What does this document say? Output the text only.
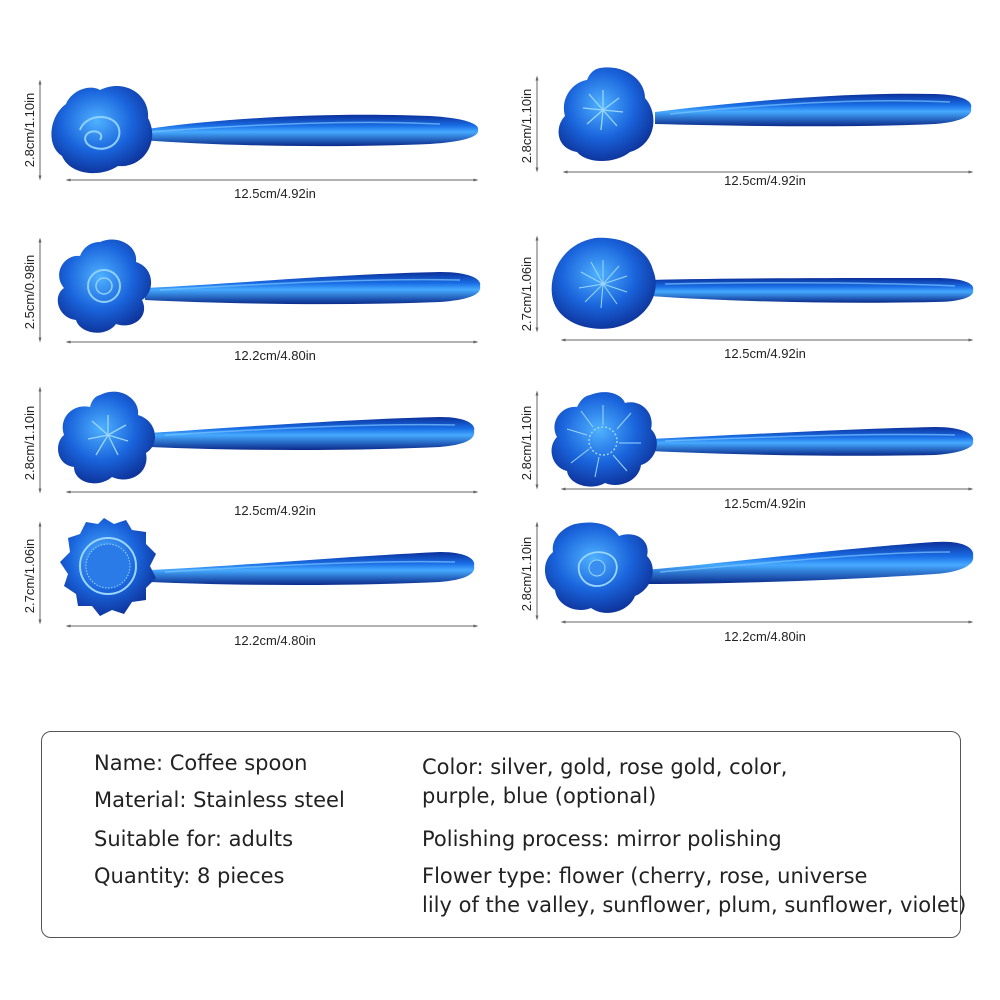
2.8cm/1.10in
12.5cm/4.92in
2.8cm/1.10in
12.5cm/4.92in
2.5cm/0.98in
12.2cm/4.80in
2.7cm/1.06in
12.5cm/4.92in
2.8cm/1.10in
12.5cm/4.92in
2.8cm/1.10in
12.5cm/4.92in
2.7cm/1.06in
12.2cm/4.80in
2.8cm/1.10in
12.2cm/4.80in
Name: Coffee spoon
Material: Stainless steel
Suitable for: adults
Quantity: 8 pieces
Color: silver, gold, rose gold, color,
purple, blue (optional)
Polishing process: mirror polishing
Flower type: flower (cherry, rose, universe
lily of the valley, sunflower, plum, sunflower, violet)
